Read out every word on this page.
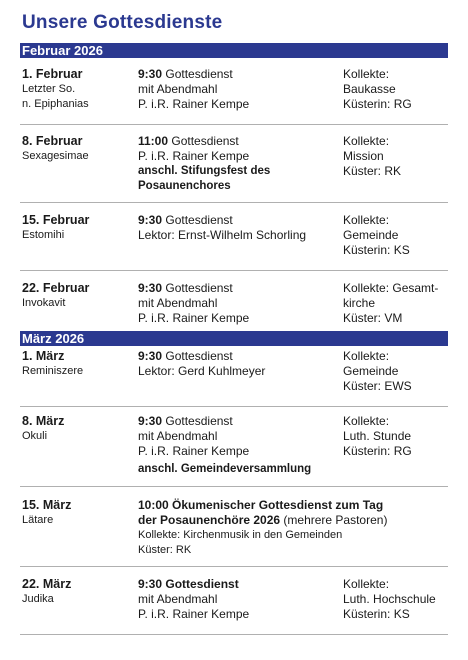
Unsere Gottesdienste
Februar 2026
1. Februar
Letzter So.
n. Epiphanias
9:30 Gottesdienst
mit Abendmahl
P. i.R. Rainer Kempe
Kollekte:
Baukasse
Küsterin: RG
8. Februar
Sexagesimae
11:00 Gottesdienst
P. i.R. Rainer Kempe
anschl. Stifungsfest des
Posaunenchores
Kollekte:
Mission
Küster: RK
15. Februar
Estomihi
9:30 Gottesdienst
Lektor: Ernst-Wilhelm Schorling
Kollekte:
Gemeinde
Küsterin: KS
22. Februar
Invokavit
9:30 Gottesdienst
mit Abendmahl
P. i.R. Rainer Kempe
Kollekte: Gesamt-
kirche
Küster: VM
März 2026
1. März
Reminiszere
9:30 Gottesdienst
Lektor: Gerd Kuhlmeyer
Kollekte:
Gemeinde
Küster: EWS
8. März
Okuli
9:30 Gottesdienst
mit Abendmahl
P. i.R. Rainer Kempe
anschl. Gemeindeversammlung
Kollekte:
Luth. Stunde
Küsterin: RG
15. März
Lätare
10:00 Ökumenischer Gottesdienst zum Tag
der Posaunenchöre 2026 (mehrere Pastoren)
Kollekte: Kirchenmusik in den Gemeinden
Küster: RK
22. März
Judika
9:30 Gottesdienst
mit Abendmahl
P. i.R. Rainer Kempe
Kollekte:
Luth. Hochschule
Küsterin: KS
